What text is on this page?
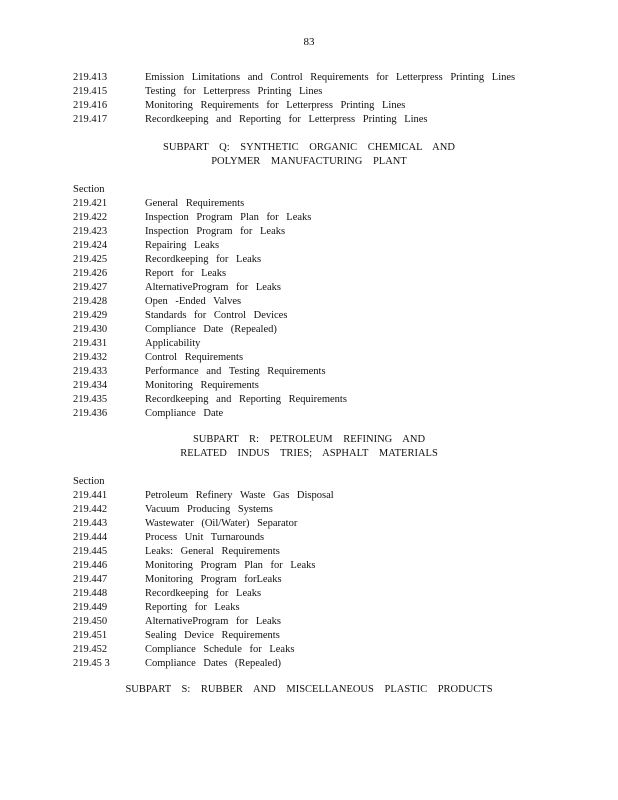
83
219.413	Emission Limitations and Control Requirements for Letterpress Printing Lines
219.415	Testing for Letterpress Printing Lines
219.416	Monitoring Requirements for Letterpress Printing Lines
219.417	Recordkeeping and Reporting for Letterpress Printing Lines
SUBPART Q: SYNTHETIC ORGANIC CHEMICAL AND
POLYMER MANUFACTURING PLANT
Section
219.421	General Requirements
219.422	Inspection Program Plan for Leaks
219.423	Inspection Program for Leaks
219.424	Repairing Leaks
219.425	Recordkeeping for Leaks
219.426	Report for Leaks
219.427	AlternativeProgram for Leaks
219.428	Open -Ended Valves
219.429	Standards for Control Devices
219.430	Compliance Date (Repealed)
219.431	Applicability
219.432	Control Requirements
219.433	Performance and Testing Requirements
219.434	Monitoring Requirements
219.435	Recordkeeping and Reporting Requirements
219.436	Compliance Date
SUBPART R: PETROLEUM REFINING AND
RELATED INDUS TRIES; ASPHALT MATERIALS
Section
219.441	Petroleum Refinery Waste Gas Disposal
219.442	Vacuum Producing Systems
219.443	Wastewater (Oil/Water) Separator
219.444	Process Unit Turnarounds
219.445	Leaks: General Requirements
219.446	Monitoring Program Plan for Leaks
219.447	Monitoring Program forLeaks
219.448	Recordkeeping for Leaks
219.449	Reporting for Leaks
219.450	AlternativeProgram for Leaks
219.451	Sealing Device Requirements
219.452	Compliance Schedule for Leaks
219.45 3	Compliance Dates (Repealed)
SUBPART S: RUBBER AND MISCELLANEOUS PLASTIC PRODUCTS
